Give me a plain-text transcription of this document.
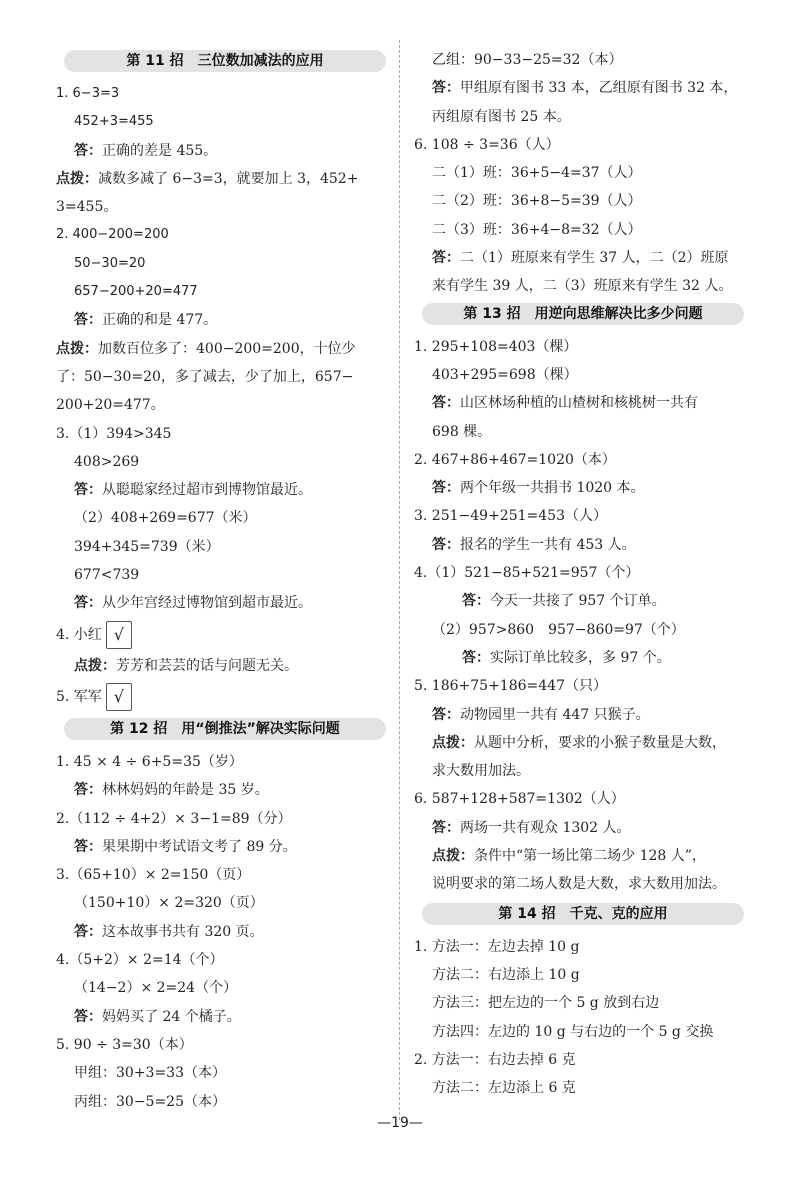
第 11 招　三位数加减法的应用
1. 6−3=3
452+3=455
答：正确的差是 455。
点拨：减数多减了 6−3=3，就要加上 3，452+
3=455。
2. 400−200=200
50−30=20
657−200+20=477
答：正确的和是 477。
点拨：加数百位多了：400−200=200，十位少
了：50−30=20，多了减去，少了加上，657−
200+20=477。
3.（1）394>345
408>269
答：从聪聪家经过超市到博物馆最近。
（2）408+269=677（米）
394+345=739（米）
677<739
答：从少年宫经过博物馆到超市最近。
4. 小红 √
点拨：芳芳和芸芸的话与问题无关。
5. 军军 √
第 12 招　用“倒推法”解决实际问题
1. 45 × 4 ÷ 6+5=35（岁）
答：林林妈妈的年龄是 35 岁。
2.（112 ÷ 4+2）× 3−1=89（分）
答：果果期中考试语文考了 89 分。
3.（65+10）× 2=150（页）
（150+10）× 2=320（页）
答：这本故事书共有 320 页。
4.（5+2）× 2=14（个）
（14−2）× 2=24（个）
答：妈妈买了 24 个橘子。
5. 90 ÷ 3=30（本）
甲组：30+3=33（本）
丙组：30−5=25（本）
乙组：90−33−25=32（本）
答：甲组原有图书 33 本，乙组原有图书 32 本，
丙组原有图书 25 本。
6. 108 ÷ 3=36（人）
二（1）班：36+5−4=37（人）
二（2）班：36+8−5=39（人）
二（3）班：36+4−8=32（人）
答：二（1）班原来有学生 37 人，二（2）班原
来有学生 39 人，二（3）班原来有学生 32 人。
第 13 招　用逆向思维解决比多少问题
1. 295+108=403（棵）
403+295=698（棵）
答：山区林场种植的山楂树和核桃树一共有
698 棵。
2. 467+86+467=1020（本）
答：两个年级一共捐书 1020 本。
3. 251−49+251=453（人）
答：报名的学生一共有 453 人。
4.（1）521−85+521=957（个）
答：今天一共接了 957 个订单。
（2）957>860　957−860=97（个）
答：实际订单比较多，多 97 个。
5. 186+75+186=447（只）
答：动物园里一共有 447 只猴子。
点拨：从题中分析，要求的小猴子数量是大数，
求大数用加法。
6. 587+128+587=1302（人）
答：两场一共有观众 1302 人。
点拨：条件中“第一场比第二场少 128 人”，
说明要求的第二场人数是大数，求大数用加法。
第 14 招　千克、克的应用
1. 方法一：左边去掉 10 g
方法二：右边添上 10 g
方法三：把左边的一个 5 g 放到右边
方法四：左边的 10 g 与右边的一个 5 g 交换
2. 方法一：右边去掉 6 克
方法二：左边添上 6 克
—19—
